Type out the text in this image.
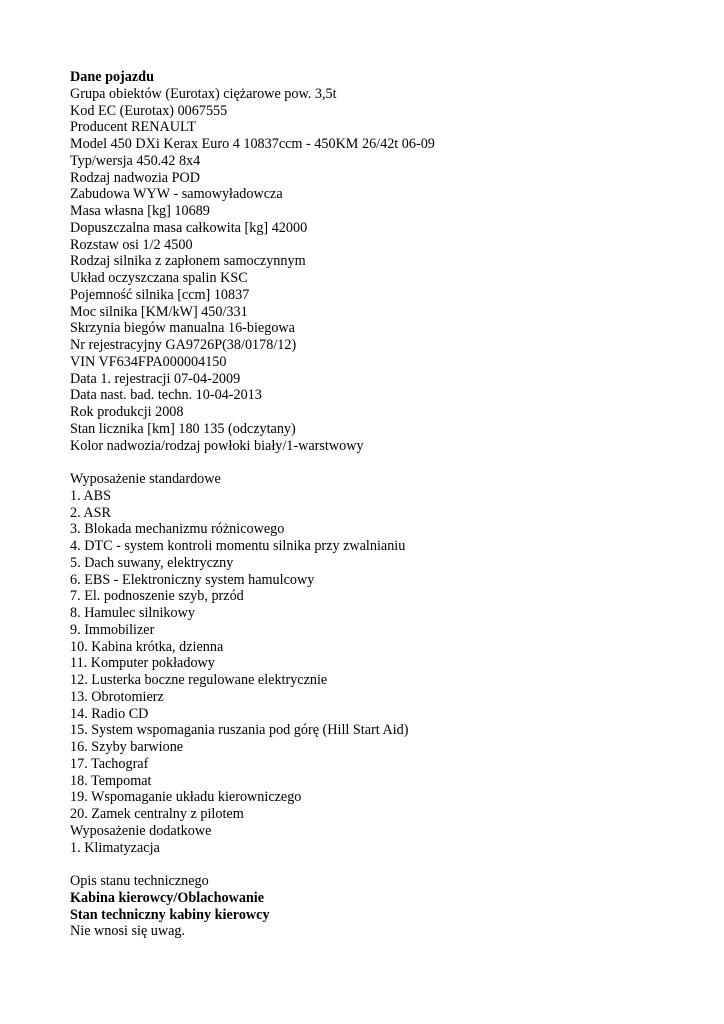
Dane pojazdu
Grupa obiektów (Eurotax) ciężarowe pow. 3,5t
Kod EC (Eurotax) 0067555
Producent RENAULT
Model 450 DXi Kerax Euro 4 10837ccm - 450KM 26/42t 06-09
Typ/wersja 450.42 8x4
Rodzaj nadwozia POD
Zabudowa WYW - samowyładowcza
Masa własna [kg] 10689
Dopuszczalna masa całkowita [kg] 42000
Rozstaw osi 1/2 4500
Rodzaj silnika z zapłonem samoczynnym
Układ oczyszczana spalin KSC
Pojemność silnika [ccm] 10837
Moc silnika [KM/kW] 450/331
Skrzynia biegów manualna 16-biegowa
Nr rejestracyjny GA9726P(38/0178/12)
VIN VF634FPA000004150
Data 1. rejestracji 07-04-2009
Data nast. bad. techn. 10-04-2013
Rok produkcji 2008
Stan licznika [km] 180 135 (odczytany)
Kolor nadwozia/rodzaj powłoki biały/1-warstwowy
Wyposażenie standardowe
1. ABS
2. ASR
3. Blokada mechanizmu różnicowego
4. DTC - system kontroli momentu silnika przy zwalnianiu
5. Dach suwany, elektryczny
6. EBS - Elektroniczny system hamulcowy
7. El. podnoszenie szyb, przód
8. Hamulec silnikowy
9. Immobilizer
10. Kabina krótka, dzienna
11. Komputer pokładowy
12. Lusterka boczne regulowane elektrycznie
13. Obrotomierz
14. Radio CD
15. System wspomagania ruszania pod górę (Hill Start Aid)
16. Szyby barwione
17. Tachograf
18. Tempomat
19. Wspomaganie układu kierowniczego
20. Zamek centralny z pilotem
Wyposażenie dodatkowe
1. Klimatyzacja
Opis stanu technicznego
Kabina kierowcy/Oblachowanie
Stan techniczny kabiny kierowcy
Nie wnosi się uwag.
